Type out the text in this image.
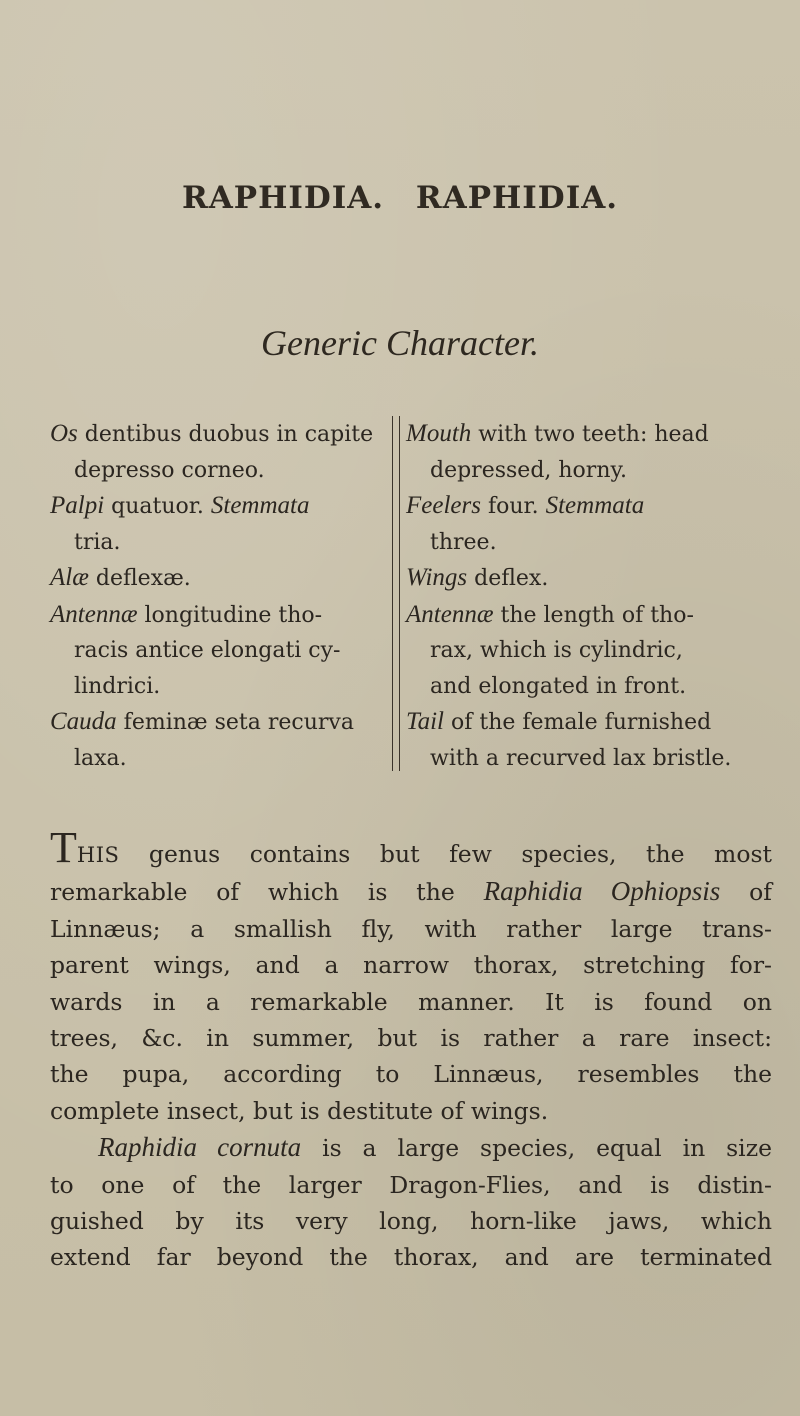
RAPHIDIA. RAPHIDIA.
Generic Character.
Os dentibus duobus in capite
depresso corneo.
Palpi quatuor. Stemmata
tria.
Alæ deflexæ.
Antennæ longitudine tho-
racis antice elongati cy-
lindrici.
Cauda feminæ seta recurva
laxa.
Mouth with two teeth: head
depressed, horny.
Feelers four. Stemmata
three.
Wings deflex.
Antennæ the length of tho-
rax, which is cylindric,
and elongated in front.
Tail of the female furnished
with a recurved lax bristle.
THIS genus contains but few species, the most
remarkable of which is the Raphidia Ophiopsis of
Linnæus; a smallish fly, with rather large trans-
parent wings, and a narrow thorax, stretching for-
wards in a remarkable manner. It is found on
trees, &c. in summer, but is rather a rare insect:
the pupa, according to Linnæus, resembles the
complete insect, but is destitute of wings.
Raphidia cornuta is a large species, equal in size
to one of the larger Dragon-Flies, and is distin-
guished by its very long, horn-like jaws, which
extend far beyond the thorax, and are terminated
